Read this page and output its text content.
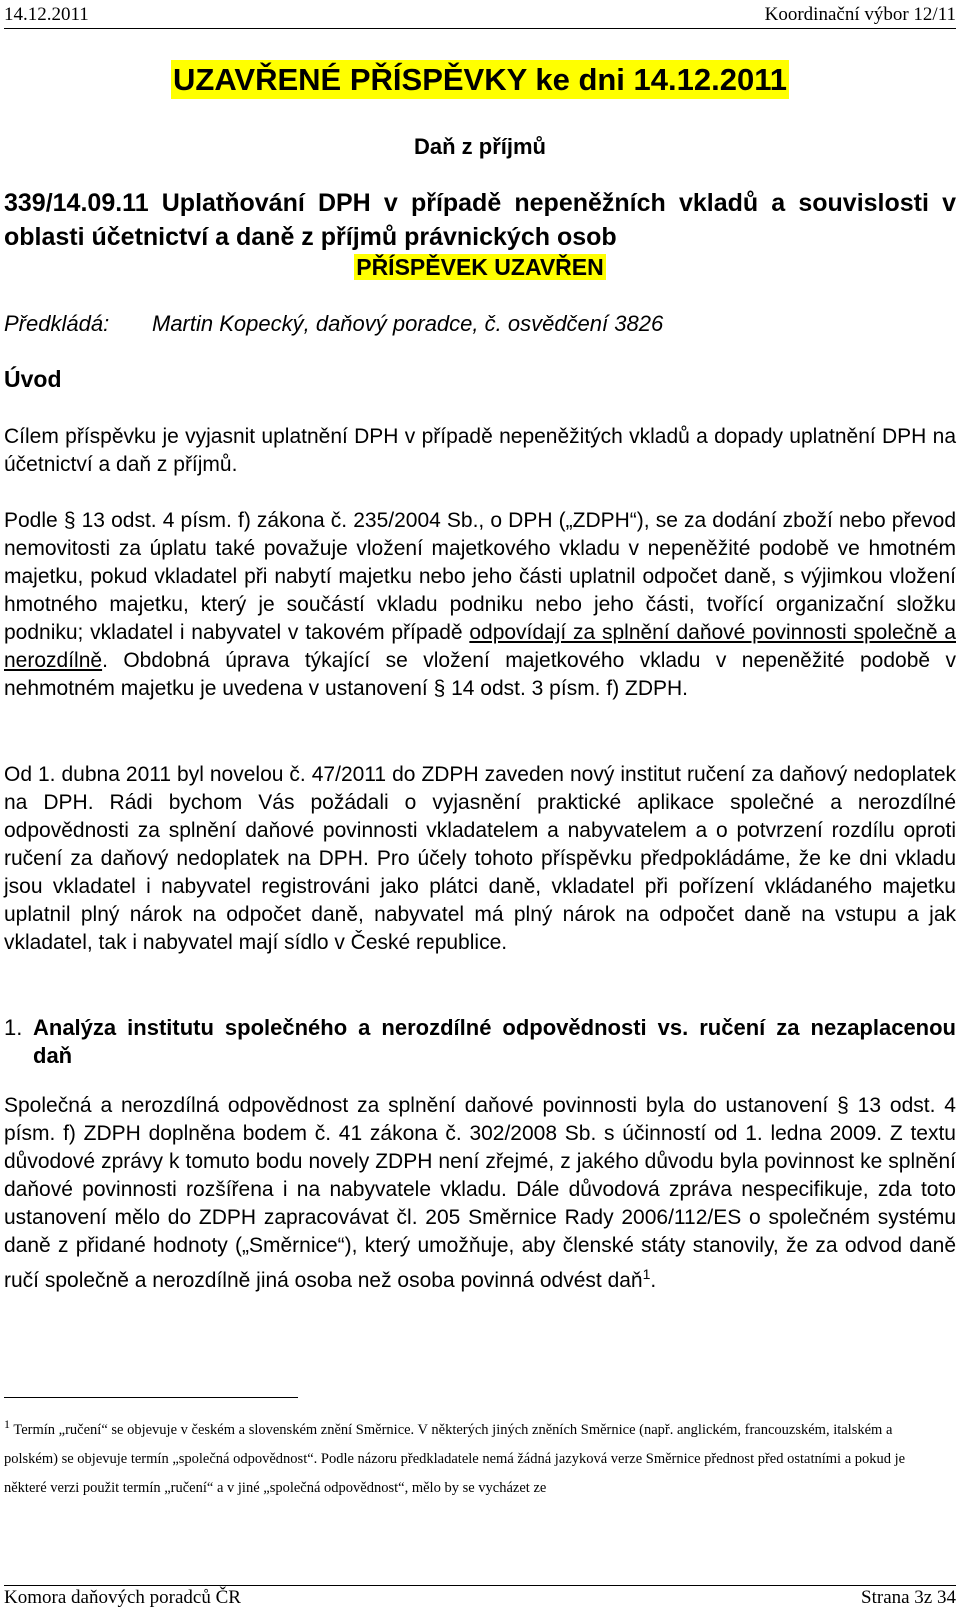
14.12.2011	Koordinační výbor 12/11
UZAVŘENÉ PŘÍSPĚVKY ke dni 14.12.2011
Daň z příjmů
339/14.09.11 Uplatňování DPH v případě nepeněžních vkladů a souvislosti v oblasti účetnictví a daně z příjmů právnických osob
PŘÍSPĚVEK UZAVŘEN
Předkládá: Martin Kopecký, daňový poradce, č. osvědčení 3826
Úvod
Cílem příspěvku je vyjasnit uplatnění DPH v případě nepeněžitých vkladů a dopady uplatnění DPH na účetnictví a daň z příjmů.
Podle § 13 odst. 4 písm. f) zákona č. 235/2004 Sb., o DPH („ZDPH“), se za dodání zboží nebo převod nemovitosti za úplatu také považuje vložení majetkového vkladu v nepeněžité podobě ve hmotném majetku, pokud vkladatel při nabytí majetku nebo jeho části uplatnil odpočet daně, s výjimkou vložení hmotného majetku, který je součástí vkladu podniku nebo jeho části, tvořící organizační složku podniku; vkladatel i nabyvatel v takovém případě odpovídají za splnění daňové povinnosti společně a nerozdílně. Obdobná úprava týkající se vložení majetkového vkladu v nepeněžité podobě v nehmotném majetku je uvedena v ustanovení § 14 odst. 3 písm. f) ZDPH.
Od 1. dubna 2011 byl novelou č. 47/2011 do ZDPH zaveden nový institut ručení za daňový nedoplatek na DPH. Rádi bychom Vás požádali o vyjasnění praktické aplikace společné a nerozdílné odpovědnosti za splnění daňové povinnosti vkladatelem a nabyvatelem a o potvrzení rozdílu oproti ručení za daňový nedoplatek na DPH. Pro účely tohoto příspěvku předpokládáme, že ke dni vkladu jsou vkladatel i nabyvatel registrováni jako plátci daně, vkladatel při pořízení vkládaného majetku uplatnil plný nárok na odpočet daně, nabyvatel má plný nárok na odpočet daně na vstupu a jak vkladatel, tak i nabyvatel mají sídlo v České republice.
1. Analýza institutu společného a nerozdílné odpovědnosti vs. ručení za nezaplacenou daň
Společná a nerozdílná odpovědnost za splnění daňové povinnosti byla do ustanovení § 13 odst. 4 písm. f) ZDPH doplněna bodem č. 41 zákona č. 302/2008 Sb. s účinností od 1. ledna 2009. Z textu důvodové zprávy k tomuto bodu novely ZDPH není zřejmé, z jakého důvodu byla povinnost ke splnění daňové povinnosti rozšířena i na nabyvatele vkladu. Dále důvodová zpráva nespecifikuje, zda toto ustanovení mělo do ZDPH zapracovávat čl. 205 Směrnice Rady 2006/112/ES o společném systému daně z přidané hodnoty („Směrnice“), který umožňuje, aby členské státy stanovily, že za odvod daně ručí společně a nerozdílně jiná osoba než osoba povinná odvést daň$^1$.
$^1$ Termín „ručení“ se objevuje v českém a slovenském znění Směrnice. V některých jiných zněních Směrnice (např. anglickém, francouzském, italském a polském) se objevuje termín „společná odpovědnost“. Podle názoru předkladatele nemá žádná jazyková verze Směrnice přednost před ostatními a pokud je některé verzi použit termín „ručení“ a v jiné „společná odpovědnost“, mělo by se vycházet ze
Komora daňových poradců ČR	Strana 3z 34
